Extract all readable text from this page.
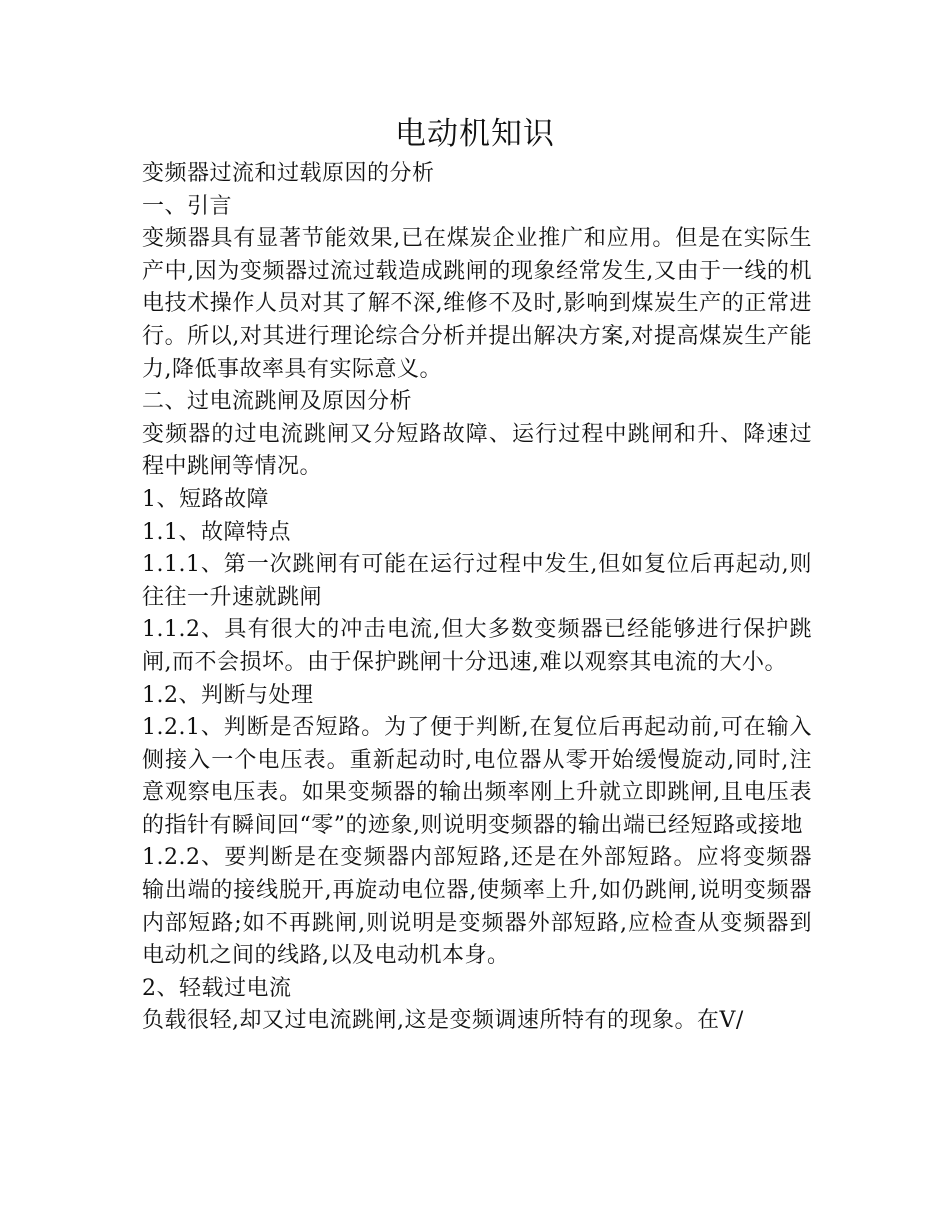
电动机知识

变频器过流和过载原因的分析

一、引言

变频器具有显著节能效果,已在煤炭企业推广和应用。但是在实际生产中,因为变频器过流过载造成跳闸的现象经常发生,又由于一线的机电技术操作人员对其了解不深,维修不及时,影响到煤炭生产的正常进行。所以,对其进行理论综合分析并提出解决方案,对提高煤炭生产能力,降低事故率具有实际意义。

二、过电流跳闸及原因分析

变频器的过电流跳闸又分短路故障、运行过程中跳闸和升、降速过程中跳闸等情况。

1、短路故障

1.1、故障特点

1.1.1、第一次跳闸有可能在运行过程中发生,但如复位后再起动,则往往一升速就跳闸

1.1.2、具有很大的冲击电流,但大多数变频器已经能够进行保护跳闸,而不会损坏。由于保护跳闸十分迅速,难以观察其电流的大小。

1.2、判断与处理

1.2.1、判断是否短路。为了便于判断,在复位后再起动前,可在输入侧接入一个电压表。重新起动时,电位器从零开始缓慢旋动,同时,注意观察电压表。如果变频器的输出频率刚上升就立即跳闸,且电压表的指针有瞬间回“零”的迹象,则说明变频器的输出端已经短路或接地

1.2.2、要判断是在变频器内部短路,还是在外部短路。应将变频器输出端的接线脱开,再旋动电位器,使频率上升,如仍跳闸,说明变频器内部短路;如不再跳闸,则说明是变频器外部短路,应检查从变频器到电动机之间的线路,以及电动机本身。

2、轻载过电流

负载很轻,却又过电流跳闸,这是变频调速所特有的现象。在V/
